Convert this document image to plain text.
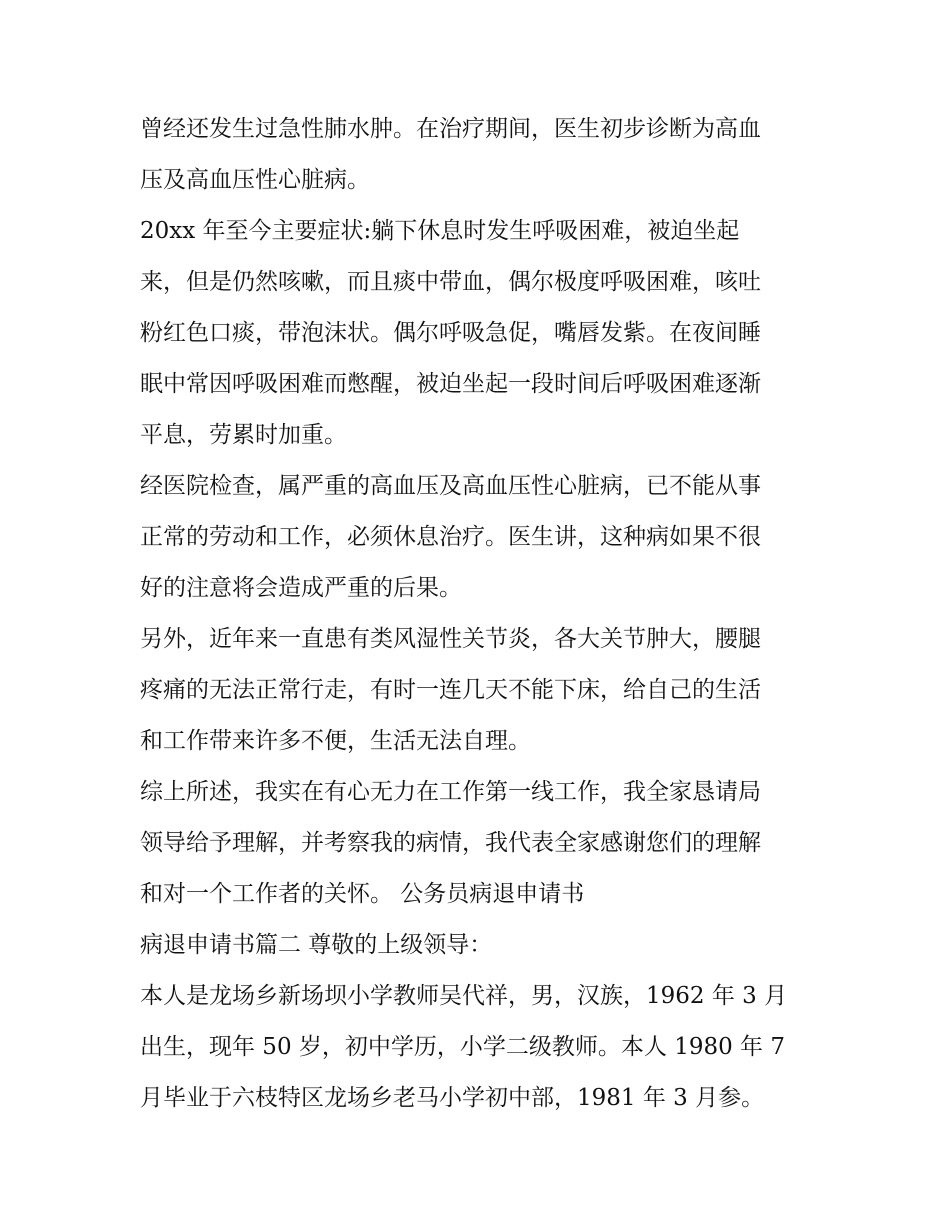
曾经还发生过急性肺水肿。在治疗期间，医生初步诊断为高血
压及高血压性心脏病。
20xx 年至今主要症状:躺下休息时发生呼吸困难，被迫坐起
来，但是仍然咳嗽，而且痰中带血，偶尔极度呼吸困难，咳吐
粉红色口痰，带泡沫状。偶尔呼吸急促，嘴唇发紫。在夜间睡
眠中常因呼吸困难而憋醒，被迫坐起一段时间后呼吸困难逐渐
平息，劳累时加重。
经医院检查，属严重的高血压及高血压性心脏病，已不能从事
正常的劳动和工作，必须休息治疗。医生讲，这种病如果不很
好的注意将会造成严重的后果。
另外，近年来一直患有类风湿性关节炎，各大关节肿大，腰腿
疼痛的无法正常行走，有时一连几天不能下床，给自己的生活
和工作带来许多不便，生活无法自理。
综上所述，我实在有心无力在工作第一线工作，我全家恳请局
领导给予理解，并考察我的病情，我代表全家感谢您们的理解
和对一个工作者的关怀。 公务员病退申请书
病退申请书篇二 尊敬的上级领导：
本人是龙场乡新场坝小学教师吴代祥，男，汉族，1962 年 3 月
出生，现年 50 岁，初中学历，小学二级教师。本人 1980 年 7
月毕业于六枝特区龙场乡老马小学初中部，1981 年 3 月参。
